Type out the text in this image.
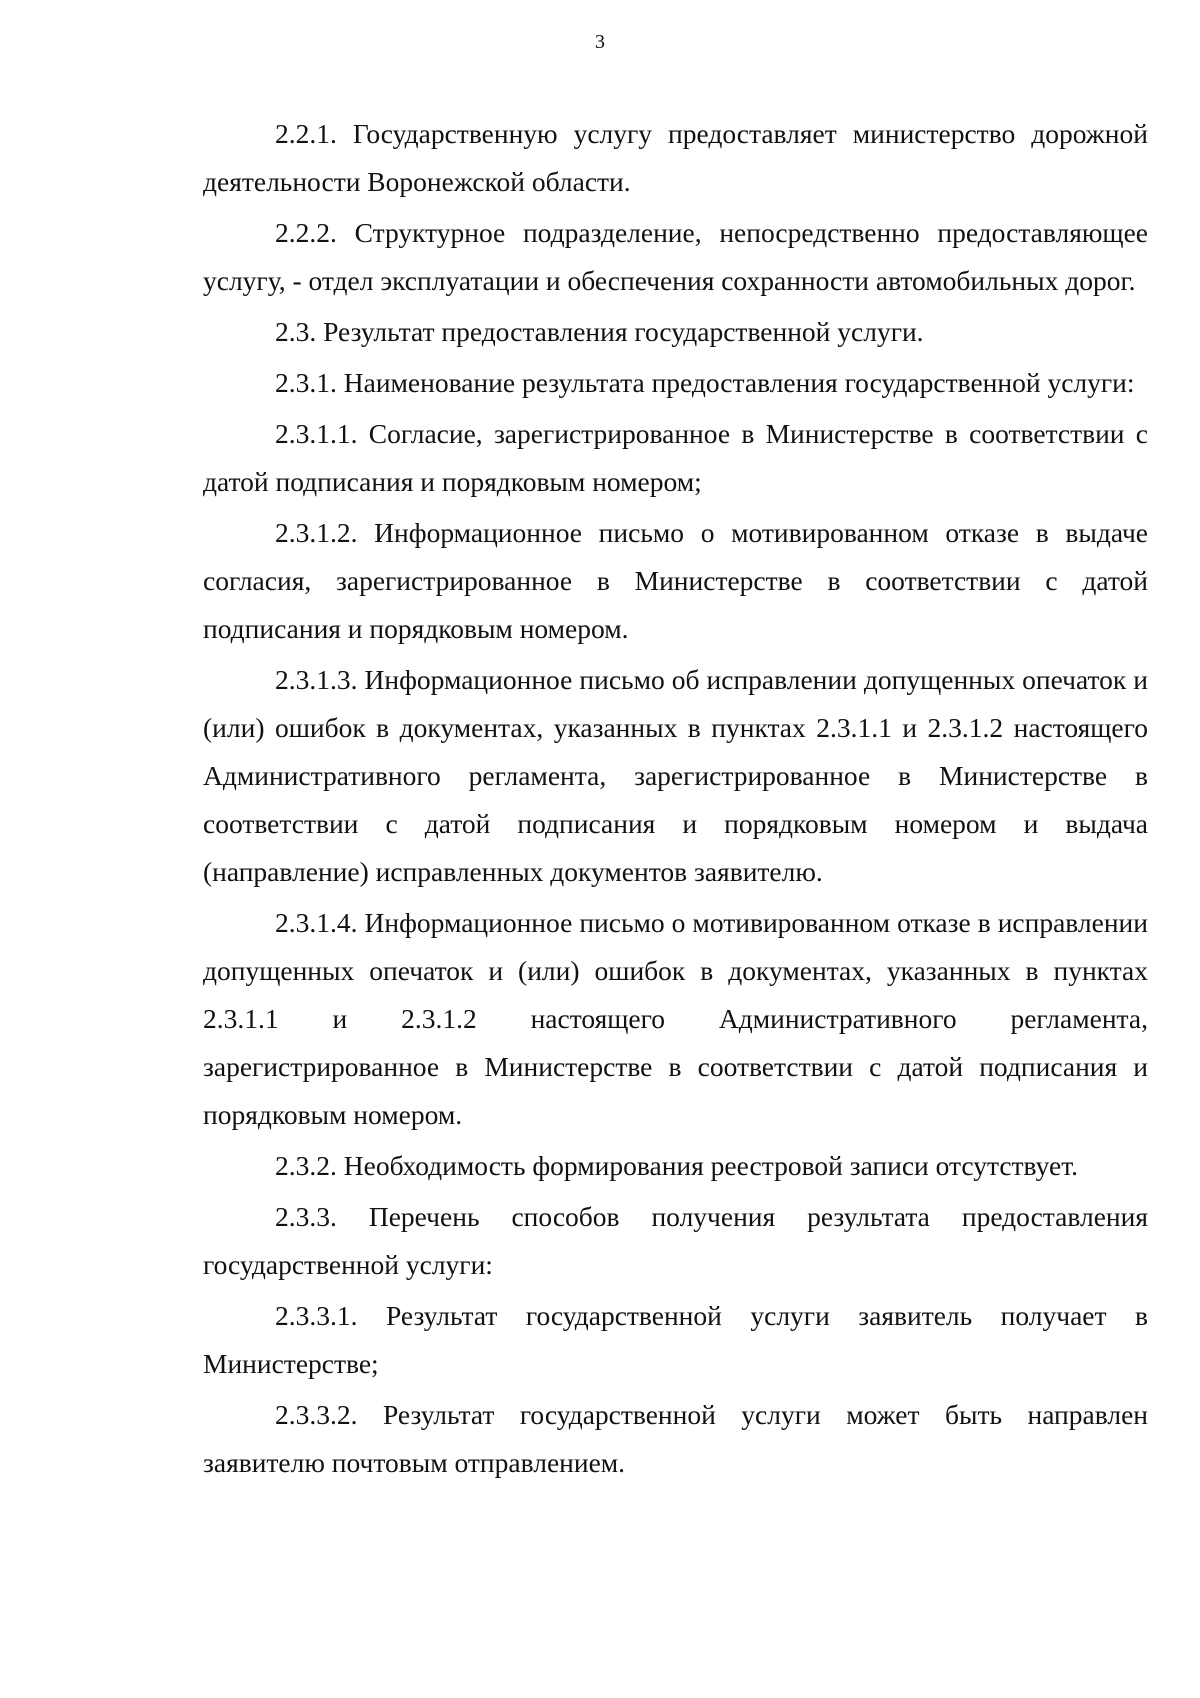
3

2.2.1. Государственную услугу предоставляет министерство дорожной деятельности Воронежской области.

2.2.2. Структурное подразделение, непосредственно предоставляющее услугу, - отдел эксплуатации и обеспечения сохранности автомобильных дорог.

2.3. Результат предоставления государственной услуги.

2.3.1. Наименование результата предоставления государственной услуги:

2.3.1.1. Согласие, зарегистрированное в Министерстве в соответствии с датой подписания и порядковым номером;

2.3.1.2. Информационное письмо о мотивированном отказе в выдаче согласия, зарегистрированное в Министерстве в соответствии с датой подписания и порядковым номером.

2.3.1.3. Информационное письмо об исправлении допущенных опечаток и (или) ошибок в документах, указанных в пунктах 2.3.1.1 и 2.3.1.2 настоящего Административного регламента, зарегистрированное в Министерстве в соответствии с датой подписания и порядковым номером и выдача (направление) исправленных документов заявителю.

2.3.1.4. Информационное письмо о мотивированном отказе в исправлении допущенных опечаток и (или) ошибок в документах, указанных в пунктах 2.3.1.1 и 2.3.1.2 настоящего Административного регламента, зарегистрированное в Министерстве в соответствии с датой подписания и порядковым номером.

2.3.2. Необходимость формирования реестровой записи отсутствует.

2.3.3. Перечень способов получения результата предоставления государственной услуги:

2.3.3.1. Результат государственной услуги заявитель получает в Министерстве;

2.3.3.2. Результат государственной услуги может быть направлен заявителю почтовым отправлением.
